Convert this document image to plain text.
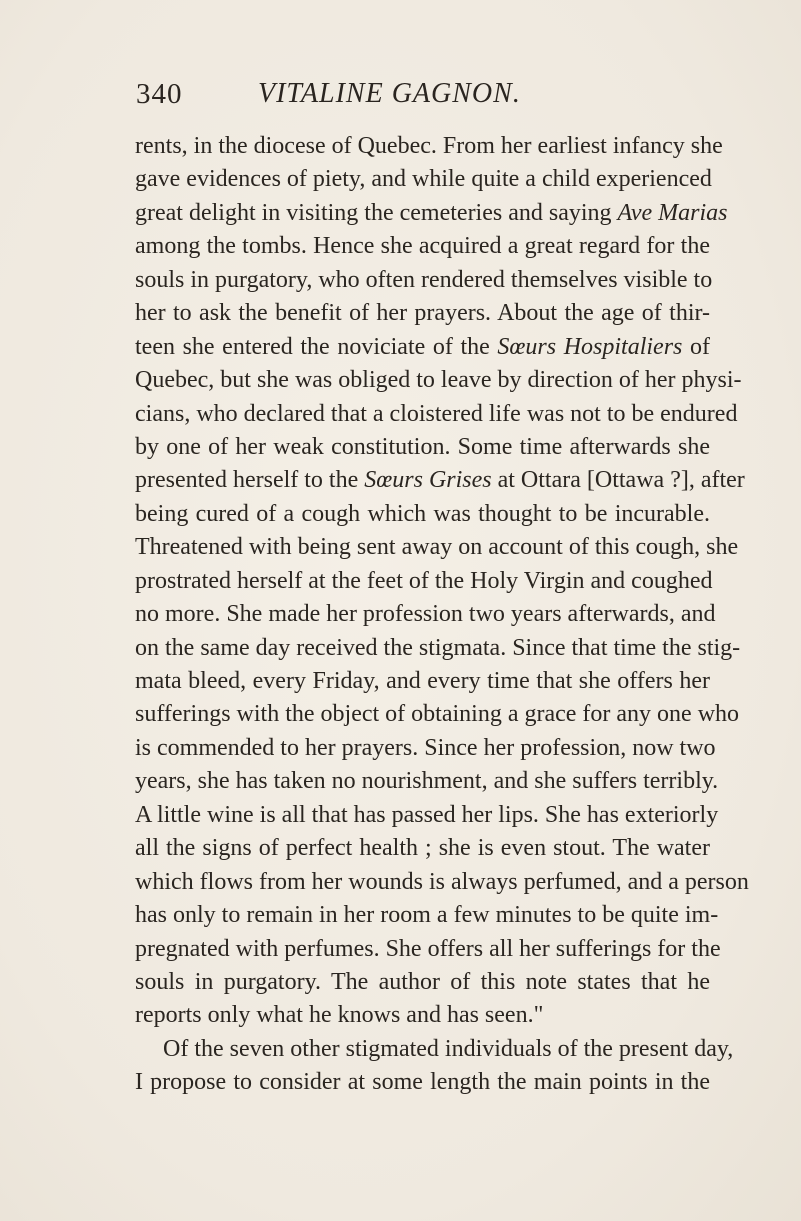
340	VITALINE GAGNON.
rents, in the diocese of Quebec. From her earliest infancy she
gave evidences of piety, and while quite a child experienced
great delight in visiting the cemeteries and saying Ave Marias
among the tombs. Hence she acquired a great regard for the
souls in purgatory, who often rendered themselves visible to
her to ask the benefit of her prayers. About the age of thir-
teen she entered the noviciate of the Sœurs Hospitaliers of
Quebec, but she was obliged to leave by direction of her physi-
cians, who declared that a cloistered life was not to be endured
by one of her weak constitution. Some time afterwards she
presented herself to the Sœurs Grises at Ottara [Ottawa ?], after
being cured of a cough which was thought to be incurable.
Threatened with being sent away on account of this cough, she
prostrated herself at the feet of the Holy Virgin and coughed
no more. She made her profession two years afterwards, and
on the same day received the stigmata. Since that time the stig-
mata bleed, every Friday, and every time that she offers her
sufferings with the object of obtaining a grace for any one who
is commended to her prayers. Since her profession, now two
years, she has taken no nourishment, and she suffers terribly.
A little wine is all that has passed her lips. She has exteriorly
all the signs of perfect health ; she is even stout. The water
which flows from her wounds is always perfumed, and a person
has only to remain in her room a few minutes to be quite im-
pregnated with perfumes. She offers all her sufferings for the
souls in purgatory. The author of this note states that he
reports only what he knows and has seen."
Of the seven other stigmated individuals of the present day,
I propose to consider at some length the main points in the
